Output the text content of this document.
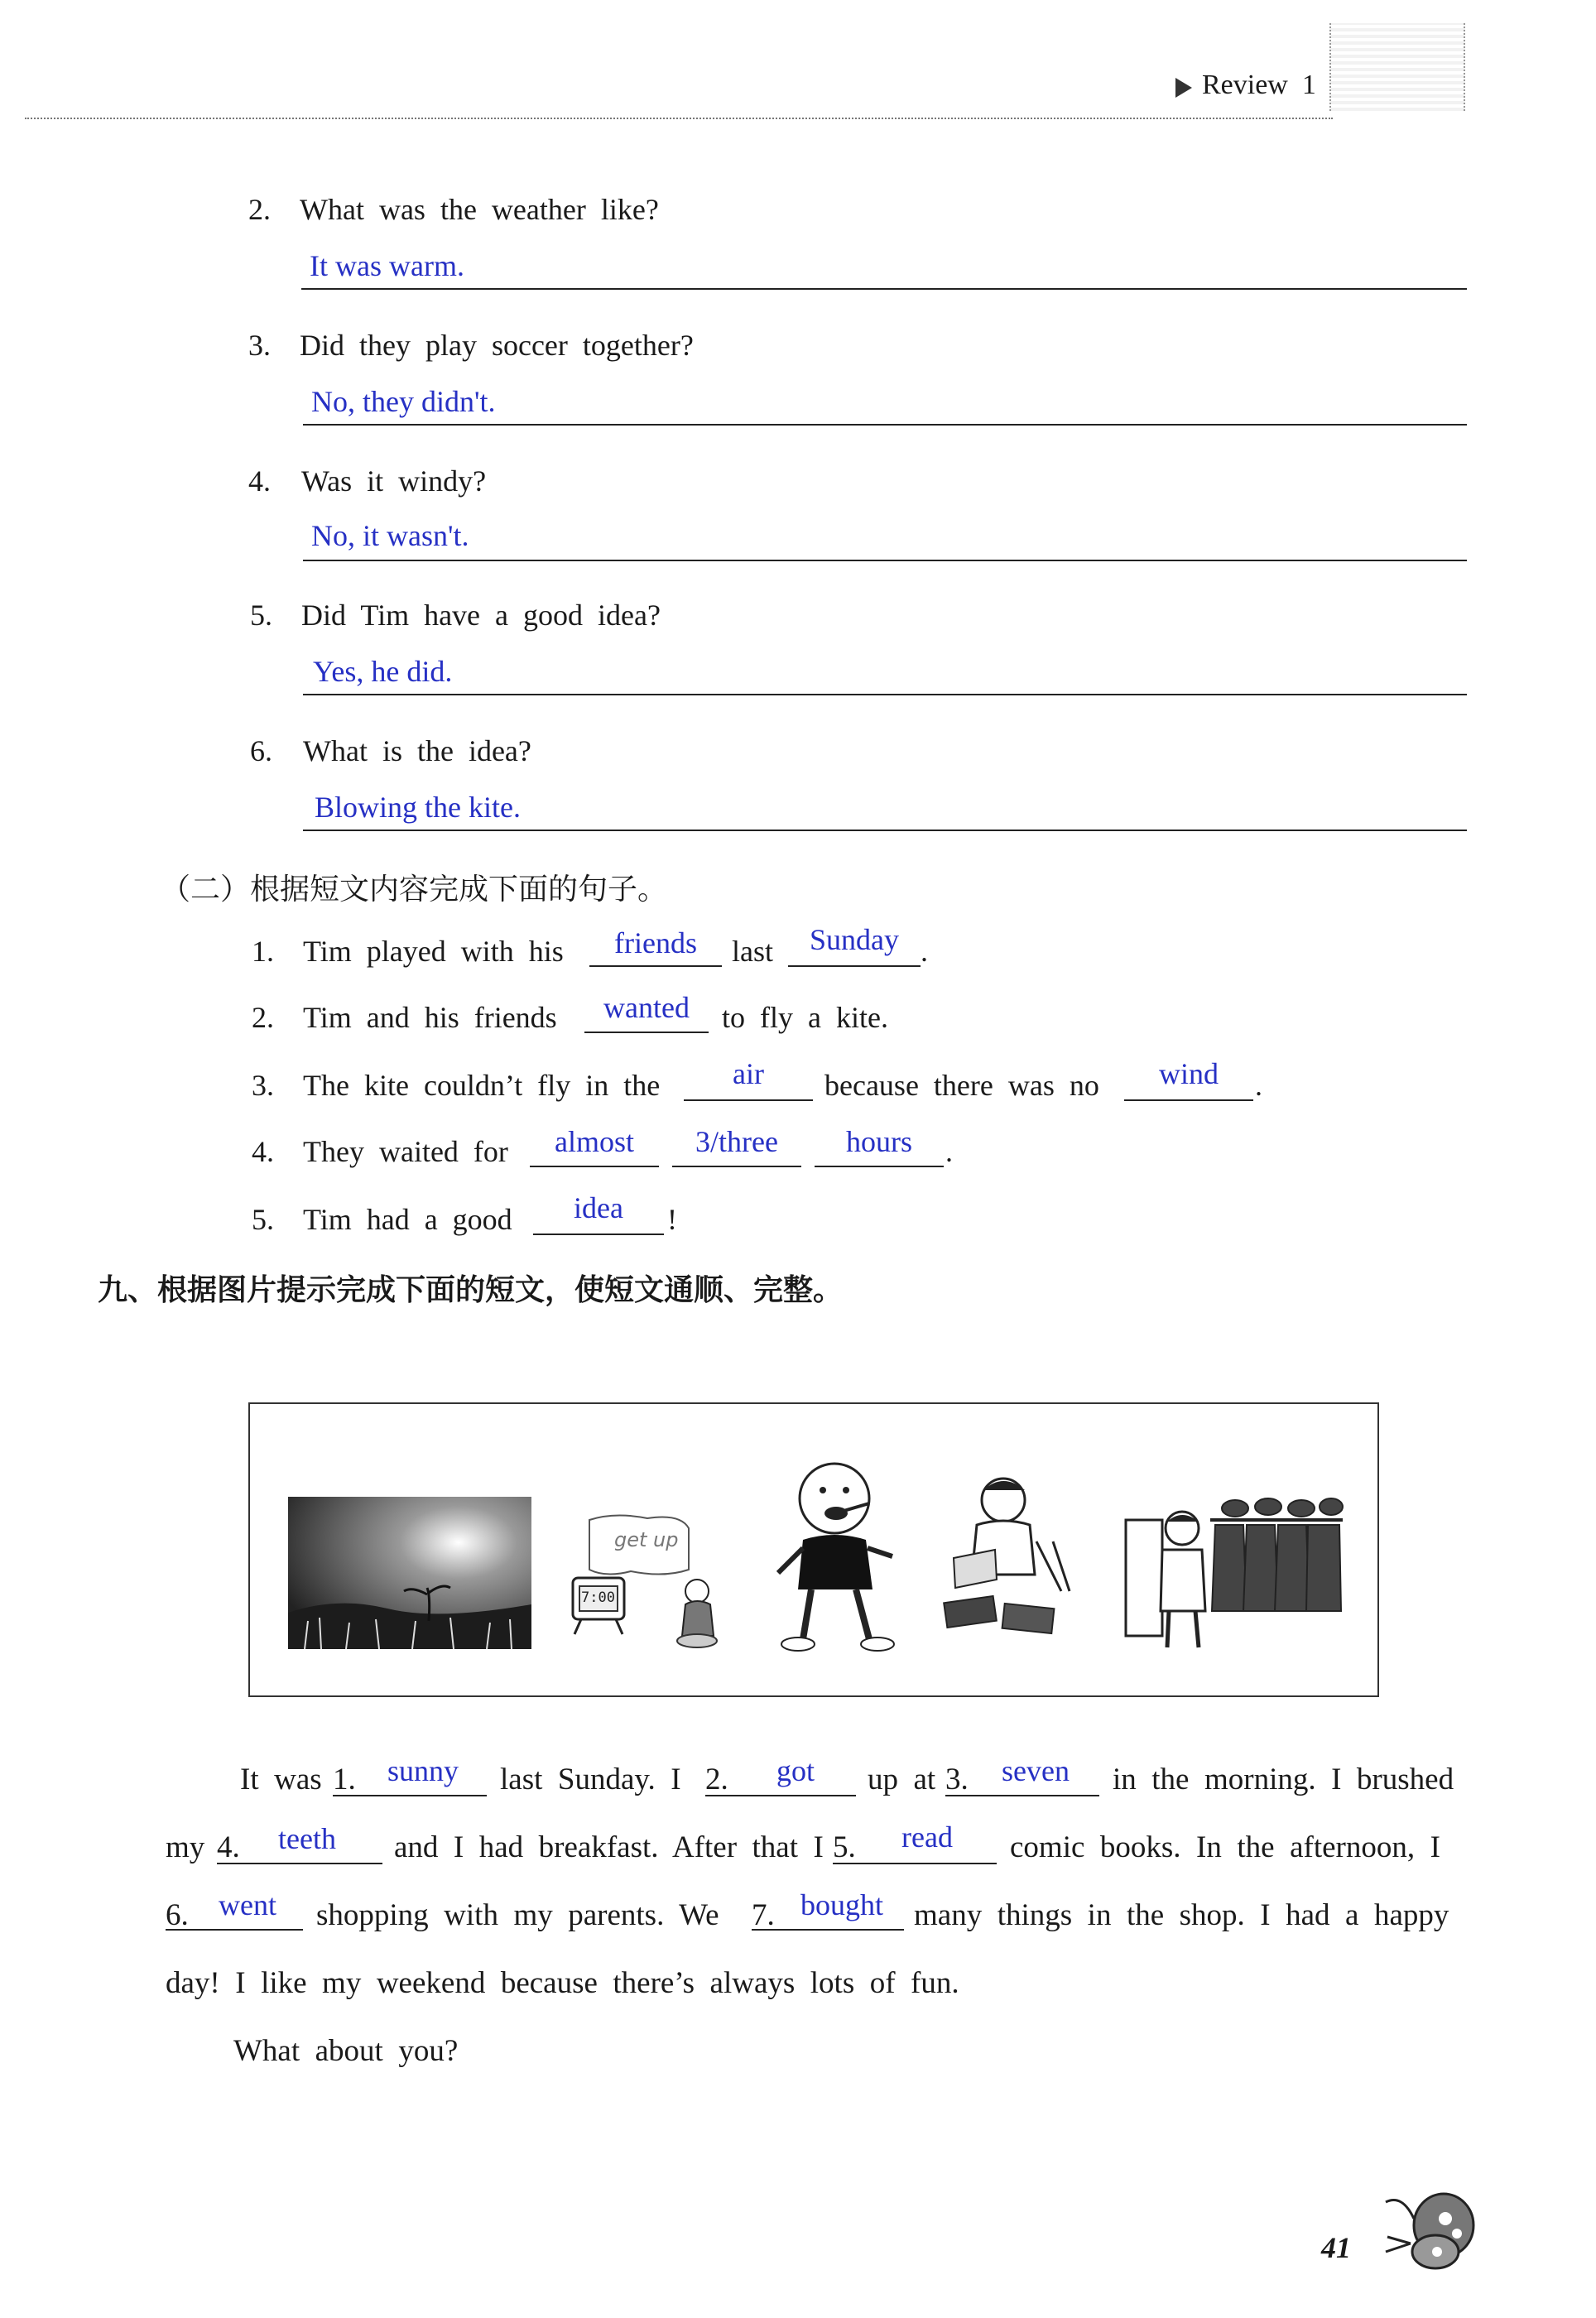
Review  1
2. What  was  the  weather  like?
It was warm.
3. Did  they  play  soccer  together?
No, they didn't.
4. Was  it  windy?
No, it wasn't.
5. Did  Tim  have  a  good  idea?
Yes, he did.
6. What  is  the  idea?
Blowing the kite.
（二）根据短文内容完成下面的句子。
1. Tim  played  with  his	friends	last	Sunday .
2. Tim  and  his  friends	wanted	to  fly  a  kite.
3. The  kite  couldn’t  fly  in  the	air	because  there  was  no	wind	.
4. They  waited  for	almost	3/three	hours	.
5. Tim  had  a  good	idea	!
九、根据图片提示完成下面的短文，使短文通顺、完整。
7:00
get up
It  was 1.	sunny	last  Sunday.  I 2.	got	up  at 3.	seven	in  the  morning.  I  brushed
my 4.	teeth	and  I  had  breakfast.  After  that  I 5.	read	comic  books.  In  the  afternoon,  I
6.	went	shopping  with  my  parents.  We 7. bought	many  things  in  the  shop.  I  had  a  happy
day!  I  like  my  weekend  because  there’s  always  lots  of  fun.
What  about  you?
41
